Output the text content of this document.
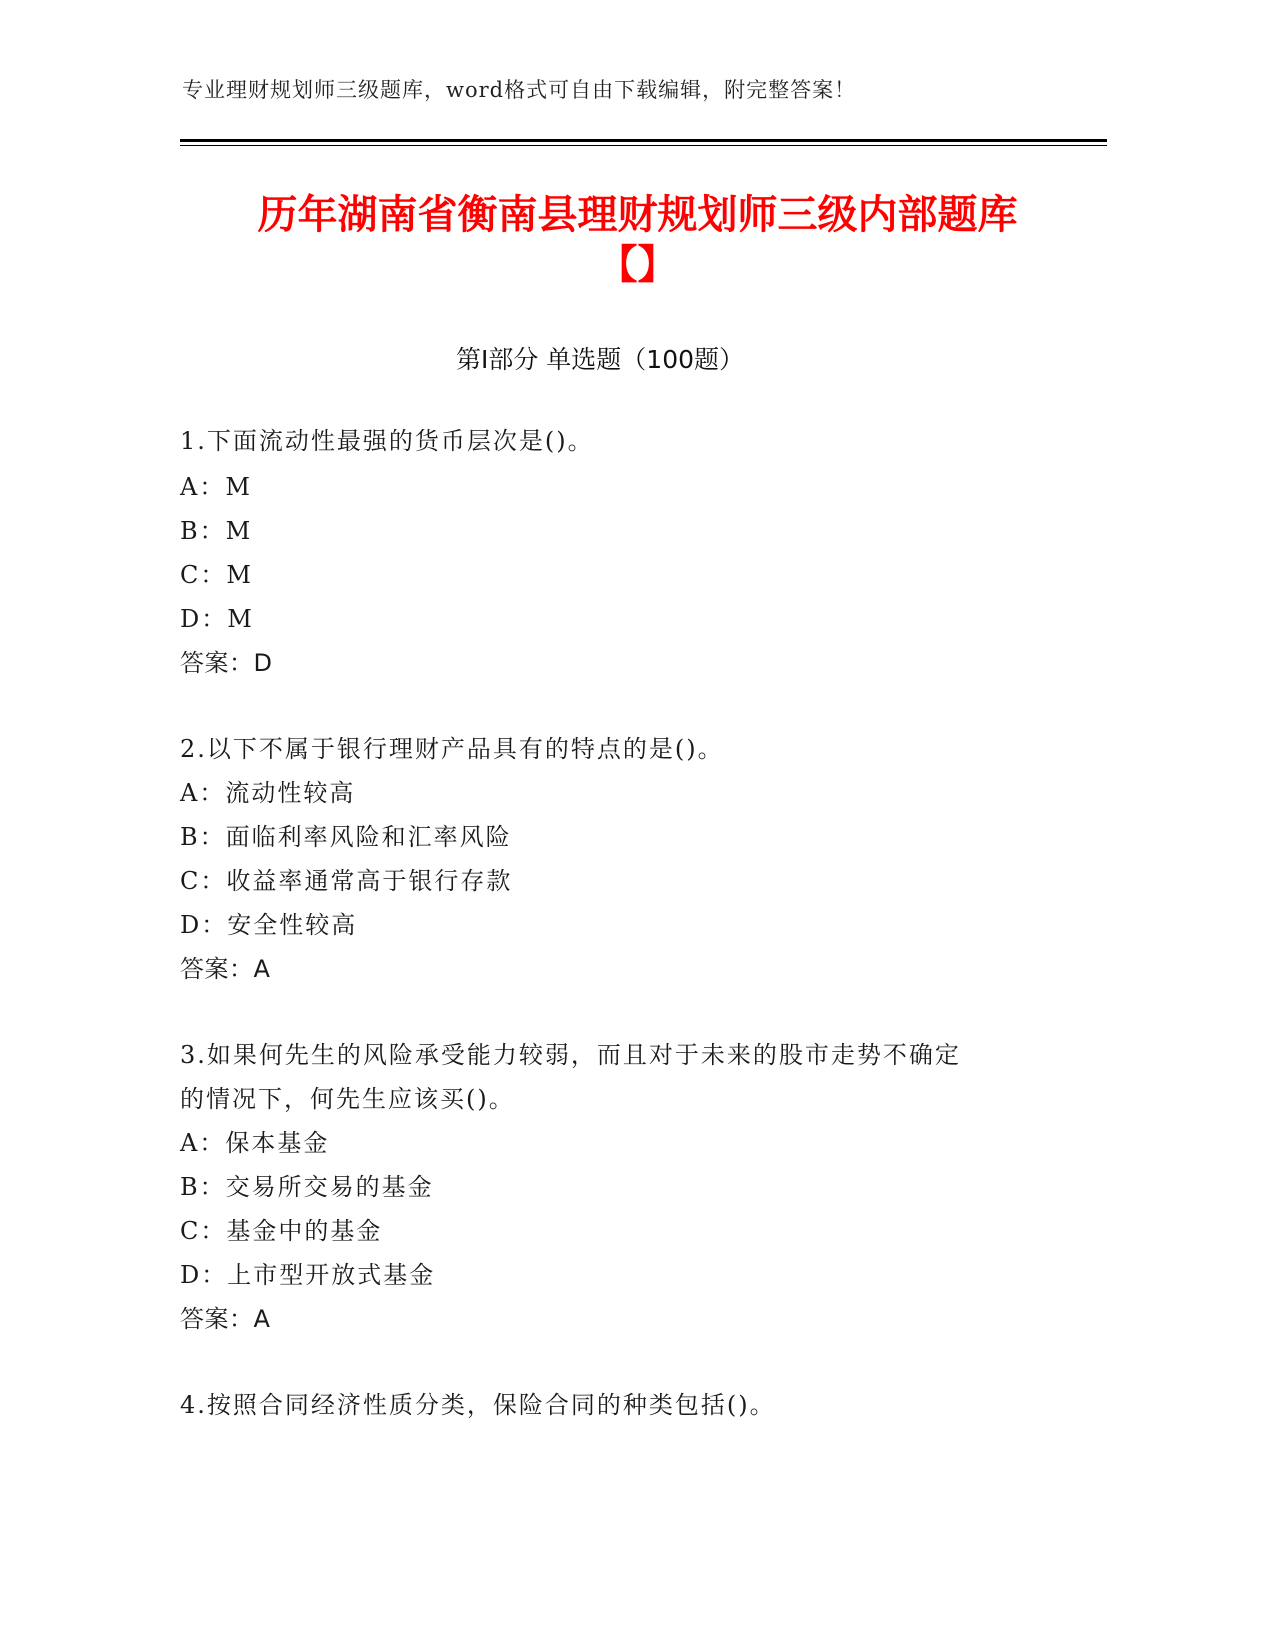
专业理财规划师三级题库，word格式可自由下载编辑，附完整答案！
历年湖南省衡南县理财规划师三级内部题库
【】
第Ⅰ部分 单选题（100题）
1.下面流动性最强的货币层次是()。
A：M
B：M
C：M
D：M
答案：D
2.以下不属于银行理财产品具有的特点的是()。
A：流动性较高
B：面临利率风险和汇率风险
C：收益率通常高于银行存款
D：安全性较高
答案：A
3.如果何先生的风险承受能力较弱，而且对于未来的股市走势不确定
的情况下，何先生应该买()。
A：保本基金
B：交易所交易的基金
C：基金中的基金
D：上市型开放式基金
答案：A
4.按照合同经济性质分类，保险合同的种类包括()。
